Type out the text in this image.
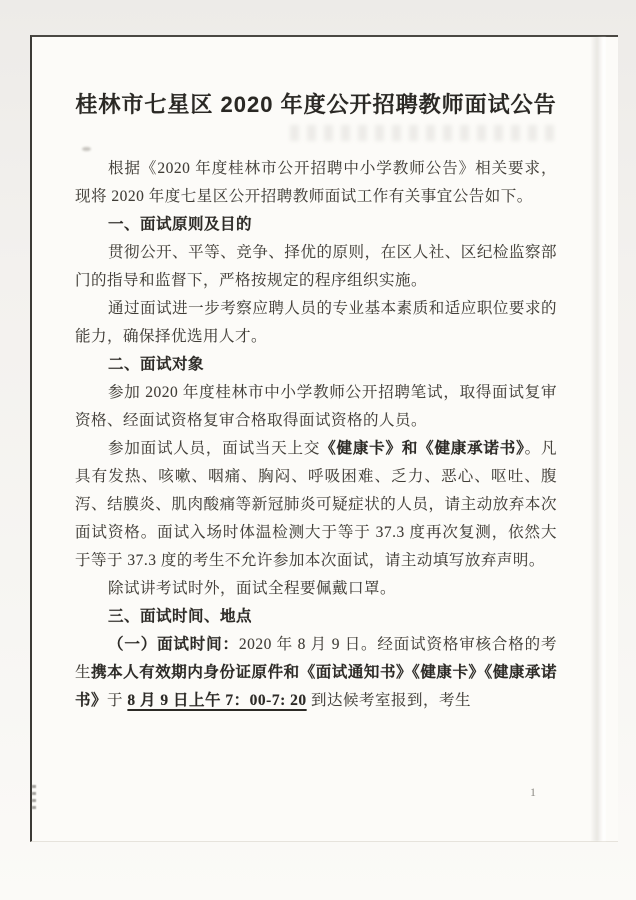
桂林市七星区 2020 年度公开招聘教师面试公告

根据《2020 年度桂林市公开招聘中小学教师公告》相关要求，现将 2020 年度七星区公开招聘教师面试工作有关事宜公告如下。

一、面试原则及目的

贯彻公开、平等、竞争、择优的原则，在区人社、区纪检监察部门的指导和监督下，严格按规定的程序组织实施。

通过面试进一步考察应聘人员的专业基本素质和适应职位要求的能力，确保择优选用人才。

二、面试对象

参加 2020 年度桂林市中小学教师公开招聘笔试，取得面试复审资格、经面试资格复审合格取得面试资格的人员。

参加面试人员，面试当天上交《健康卡》和《健康承诺书》。凡具有发热、咳嗽、咽痛、胸闷、呼吸困难、乏力、恶心、呕吐、腹泻、结膜炎、肌肉酸痛等新冠肺炎可疑症状的人员，请主动放弃本次面试资格。面试入场时体温检测大于等于 37.3 度再次复测，依然大于等于 37.3 度的考生不允许参加本次面试，请主动填写放弃声明。

除试讲考试时外，面试全程要佩戴口罩。

三、面试时间、地点

（一）面试时间：2020 年 8 月 9 日。经面试资格审核合格的考生携本人有效期内身份证原件和《面试通知书》《健康卡》《健康承诺书》于 8 月 9 日上午 7：00-7: 20 到达候考室报到，考生

1
